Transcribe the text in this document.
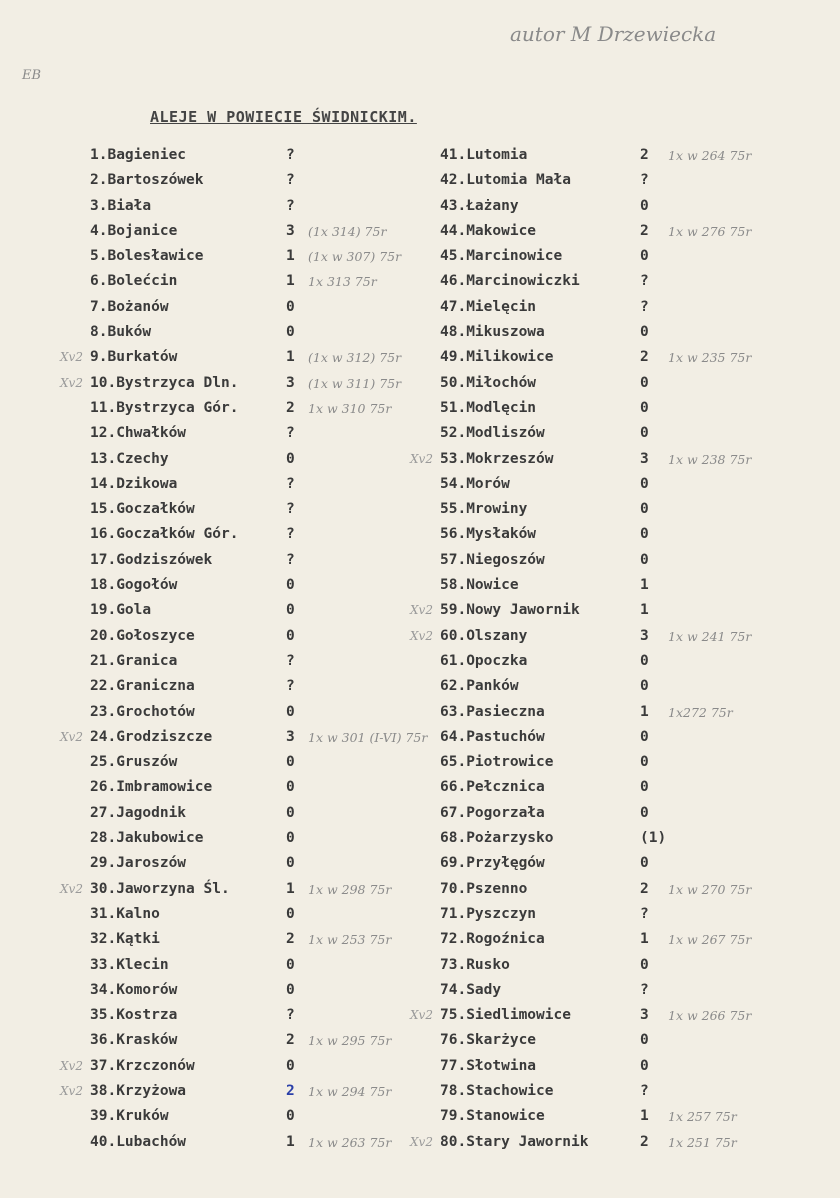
autor M Drzewiecka
EB
ALEJE W POWIECIE ŚWIDNICKIM.
1.Bagieniec	?
2.Bartoszówek	?
3.Biała	?
4.Bojanice	3 (1x 314) 75r
5.Bolesławice	1 (1x w 307) 75r
6.Bolećcin	1 1x 313 75r
7.Bożanów	0
8.Buków	0
Xv2 9.Burkatów	1 (1x w 312) 75r
Xv2 10.Bystrzyca Dln.	3 (1x w 311) 75r
11.Bystrzyca Gór.	2 1x w 310 75r
12.Chwałków	?
13.Czechy	0
14.Dzikowa	?
15.Goczałków	?
16.Goczałków Gór.	?
17.Godziszówek	?
18.Gogołów	0
19.Gola	0
20.Gołoszyce	0
21.Granica	?
22.Graniczna	?
23.Grochotów	0
Xv2 24.Grodziszcze	3 1x w 301 (I-VI) 75r
25.Gruszów	0
26.Imbramowice	0
27.Jagodnik	0
28.Jakubowice	0
29.Jaroszów	0
Xv2 30.Jaworzyna Śl.	1 1x w 298 75r
31.Kalno	0
32.Kątki	2 1x w 253 75r
33.Klecin	0
34.Komorów	0
35.Kostrza	?
36.Krasków	2 1x w 295 75r
Xv2 37.Krzczonów	0
Xv2 38.Krzyżowa	2 1x w 294 75r
39.Kruków	0
40.Lubachów	1 1x w 263 75r
41.Lutomia	2 1x w 264 75r
42.Lutomia Mała	?
43.Łażany	0
44.Makowice	2 1x w 276 75r
45.Marcinowice	0
46.Marcinowiczki	?
47.Mielęcin	?
48.Mikuszowa	0
49.Milikowice	2 1x w 235 75r
50.Miłochów	0
51.Modlęcin	0
52.Modliszów	0
Xv2 53.Mokrzeszów	3 1x w 238 75r
54.Morów	0
55.Mrowiny	0
56.Mysłaków	0
57.Niegoszów	0
58.Nowice	1
Xv2 59.Nowy Jawornik	1
Xv2 60.Olszany	3 1x w 241 75r
61.Opoczka	0
62.Panków	0
63.Pasieczna	1 1x272 75r
64.Pastuchów	0
65.Piotrowice	0
66.Pełcznica	0
67.Pogorzała	0
68.Pożarzysko	(1)
69.Przyłęgów	0
70.Pszenno	2 1x w 270 75r
71.Pyszczyn	?
72.Rogoźnica	1 1x w 267 75r
73.Rusko	0
74.Sady	?
Xv2 75.Siedlimowice	3 1x w 266 75r
76.Skarżyce	0
77.Słotwina	0
78.Stachowice	?
79.Stanowice	1 1x 257 75r
Xv2 80.Stary Jawornik	2 1x 251 75r
